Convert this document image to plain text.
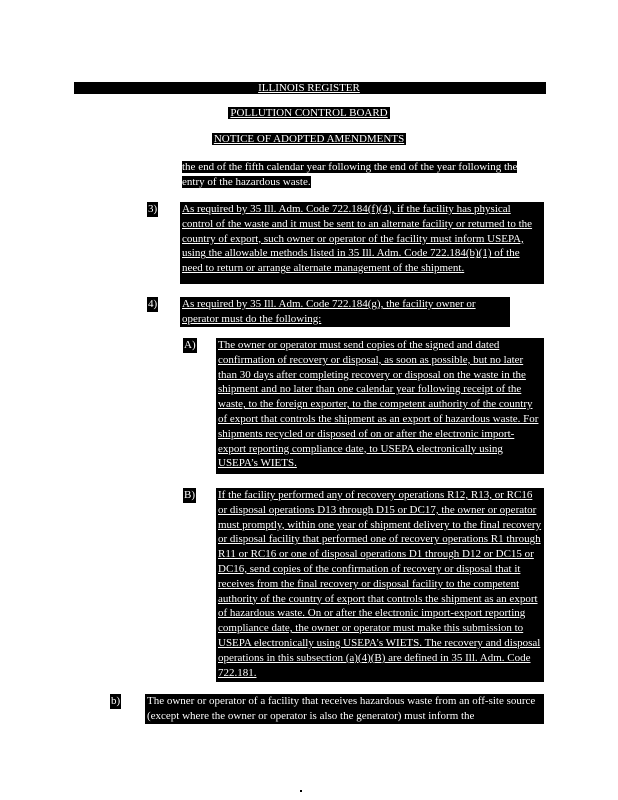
ILLINOIS REGISTER
POLLUTION CONTROL BOARD
NOTICE OF ADOPTED AMENDMENTS
the end of the fifth calendar year following the end of the year following the entry of the hazardous waste.
3) As required by 35 Ill. Adm. Code 722.184(f)(4), if the facility has physical control of the waste and it must be sent to an alternate facility or returned to the country of export, such owner or operator of the facility must inform USEPA, using the allowable methods listed in 35 Ill. Adm. Code 722.184(b)(1) of the need to return or arrange alternate management of the shipment.
4) As required by 35 Ill. Adm. Code 722.184(g), the facility owner or operator must do the following:
A) The owner or operator must send copies of the signed and dated confirmation of recovery or disposal, as soon as possible, but no later than 30 days after completing recovery or disposal on the waste in the shipment and no later than one calendar year following receipt of the waste, to the foreign exporter, to the competent authority of the country of export that controls the shipment as an export of hazardous waste. For shipments recycled or disposed of on or after the electronic import-export reporting compliance date, to USEPA electronically using USEPA’s WIETS.
B) If the facility performed any of recovery operations R12, R13, or RC16 or disposal operations D13 through D15 or DC17, the owner or operator must promptly, within one year of shipment delivery to the final recovery or disposal facility that performed one of recovery operations R1 through R11 or RC16 or one of disposal operations D1 through D12 or DC15 or DC16, send copies of the confirmation of recovery or disposal that it receives from the final recovery or disposal facility to the competent authority of the country of export that controls the shipment as an export of hazardous waste. On or after the electronic import-export reporting compliance date, the owner or operator must make this submission to USEPA electronically using USEPA’s WIETS. The recovery and disposal operations in this subsection (a)(4)(B) are defined in 35 Ill. Adm. Code 722.181.
b) The owner or operator of a facility that receives hazardous waste from an off-site source (except where the owner or operator is also the generator) must inform the
